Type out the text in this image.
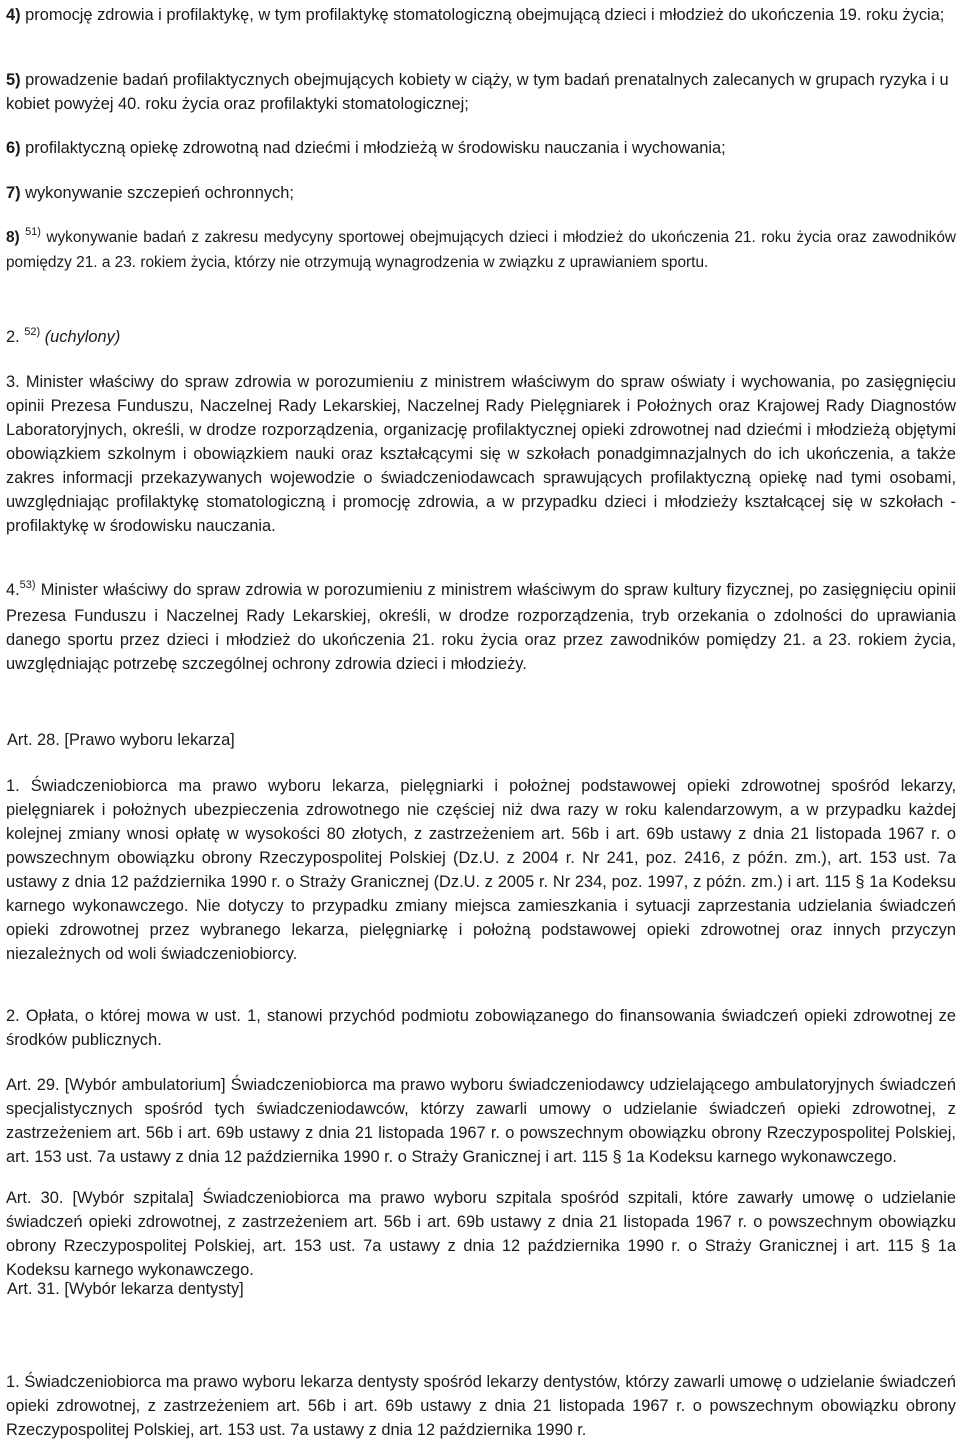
4) promocję zdrowia i profilaktykę, w tym profilaktykę stomatologiczną obejmującą dzieci i młodzież do ukończenia 19. roku życia;

5) prowadzenie badań profilaktycznych obejmujących kobiety w ciąży, w tym badań prenatalnych zalecanych w grupach ryzyka i u kobiet powyżej 40. roku życia oraz profilaktyki stomatologicznej;

6) profilaktyczną opiekę zdrowotną nad dziećmi i młodzieżą w środowisku nauczania i wychowania;

7) wykonywanie szczepień ochronnych;

8) $^{51)}$ wykonywanie badań z zakresu medycyny sportowej obejmujących dzieci i młodzież do ukończenia 21. roku życia oraz zawodników pomiędzy 21. a 23. rokiem życia, którzy nie otrzymują wynagrodzenia w związku z uprawianiem sportu.

2. $^{52)}$ (uchylony)

3. Minister właściwy do spraw zdrowia w porozumieniu z ministrem właściwym do spraw oświaty i wychowania, po zasięgnięciu opinii Prezesa Funduszu, Naczelnej Rady Lekarskiej, Naczelnej Rady Pielęgniarek i Położnych oraz Krajowej Rady Diagnostów Laboratoryjnych, określi, w drodze rozporządzenia, organizację profilaktycznej opieki zdrowotnej nad dziećmi i młodzieżą objętymi obowiązkiem szkolnym i obowiązkiem nauki oraz kształcącymi się w szkołach ponadgimnazjalnych do ich ukończenia, a także zakres informacji przekazywanych wojewodzie o świadczeniodawcach sprawujących profilaktyczną opiekę nad tymi osobami, uwzględniając profilaktykę stomatologiczną i promocję zdrowia, a w przypadku dzieci i młodzieży kształcącej się w szkołach - profilaktykę w środowisku nauczania.

4.$^{53)}$ Minister właściwy do spraw zdrowia w porozumieniu z ministrem właściwym do spraw kultury fizycznej, po zasięgnięciu opinii Prezesa Funduszu i Naczelnej Rady Lekarskiej, określi, w drodze rozporządzenia, tryb orzekania o zdolności do uprawiania danego sportu przez dzieci i młodzież do ukończenia 21. roku życia oraz przez zawodników pomiędzy 21. a 23. rokiem życia, uwzględniając potrzebę szczególnej ochrony zdrowia dzieci i młodzieży.

Art. 28. [Prawo wyboru lekarza]

1. Świadczeniobiorca ma prawo wyboru lekarza, pielęgniarki i położnej podstawowej opieki zdrowotnej spośród lekarzy, pielęgniarek i położnych ubezpieczenia zdrowotnego nie częściej niż dwa razy w roku kalendarzowym, a w przypadku każdej kolejnej zmiany wnosi opłatę w wysokości 80 złotych, z zastrzeżeniem art. 56b i art. 69b ustawy z dnia 21 listopada 1967 r. o powszechnym obowiązku obrony Rzeczypospolitej Polskiej (Dz.U. z 2004 r. Nr 241, poz. 2416, z późn. zm.), art. 153 ust. 7a ustawy z dnia 12 października 1990 r. o Straży Granicznej (Dz.U. z 2005 r. Nr 234, poz. 1997, z późn. zm.) i art. 115 § 1a Kodeksu karnego wykonawczego. Nie dotyczy to przypadku zmiany miejsca zamieszkania i sytuacji zaprzestania udzielania świadczeń opieki zdrowotnej przez wybranego lekarza, pielęgniarkę i położną podstawowej opieki zdrowotnej oraz innych przyczyn niezależnych od woli świadczeniobiorcy.

2. Opłata, o której mowa w ust. 1, stanowi przychód podmiotu zobowiązanego do finansowania świadczeń opieki zdrowotnej ze środków publicznych.

Art. 29. [Wybór ambulatorium] Świadczeniobiorca ma prawo wyboru świadczeniodawcy udzielającego ambulatoryjnych świadczeń specjalistycznych spośród tych świadczeniodawców, którzy zawarli umowy o udzielanie świadczeń opieki zdrowotnej, z zastrzeżeniem art. 56b i art. 69b ustawy z dnia 21 listopada 1967 r. o powszechnym obowiązku obrony Rzeczypospolitej Polskiej, art. 153 ust. 7a ustawy z dnia 12 października 1990 r. o Straży Granicznej i art. 115 § 1a Kodeksu karnego wykonawczego.

Art. 30. [Wybór szpitala] Świadczeniobiorca ma prawo wyboru szpitala spośród szpitali, które zawarły umowę o udzielanie świadczeń opieki zdrowotnej, z zastrzeżeniem art. 56b i art. 69b ustawy z dnia 21 listopada 1967 r. o powszechnym obowiązku obrony Rzeczypospolitej Polskiej, art. 153 ust. 7a ustawy z dnia 12 października 1990 r. o Straży Granicznej i art. 115 § 1a Kodeksu karnego wykonawczego.

Art. 31. [Wybór lekarza dentysty]

1. Świadczeniobiorca ma prawo wyboru lekarza dentysty spośród lekarzy dentystów, którzy zawarli umowę o udzielanie świadczeń opieki zdrowotnej, z zastrzeżeniem art. 56b i art. 69b ustawy z dnia 21 listopada 1967 r. o powszechnym obowiązku obrony Rzeczypospolitej Polskiej, art. 153 ust. 7a ustawy z dnia 12 października 1990 r.
